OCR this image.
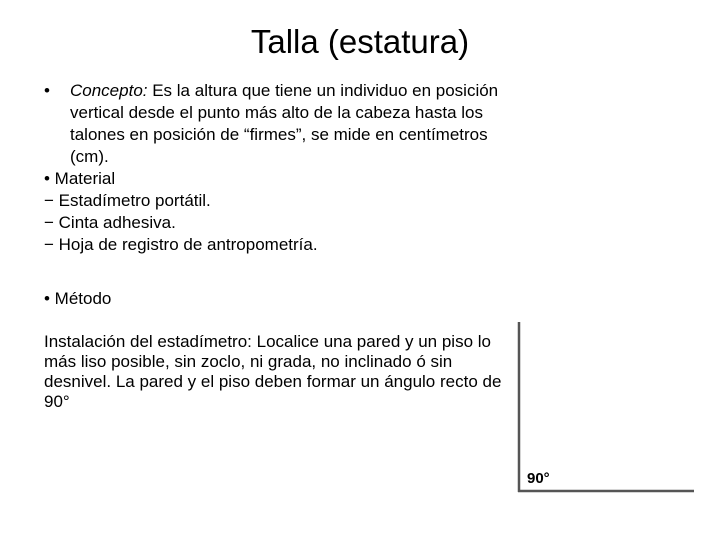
Talla (estatura)
•	Concepto: Es la altura que tiene un individuo en posición vertical desde el punto más alto de la cabeza hasta los talones en posición de “firmes”, se mide en centímetros (cm).
• Material
− Estadímetro portátil.
− Cinta adhesiva.
− Hoja de registro de antropometría.
• Método
Instalación del estadímetro: Localice una pared y un piso lo más liso posible, sin zoclo, ni grada, no inclinado ó sin desnivel. La pared y el piso deben formar un ángulo recto de 90°
90°
